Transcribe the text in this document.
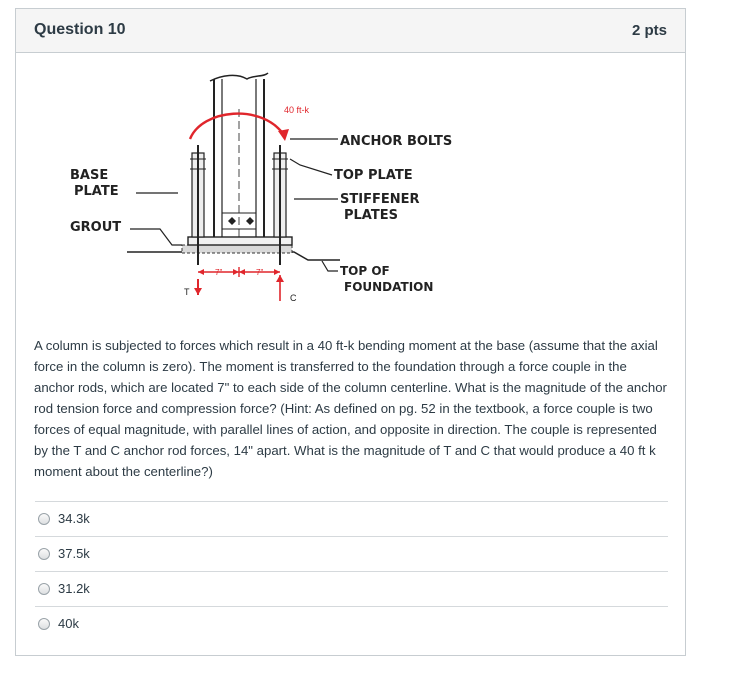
Question 10	2 pts
40 ft-k
7"	7"
T
C
BASE
PLATE
GROUT
ANCHOR BOLTS
TOP PLATE
STIFFENER
PLATES
TOP OF
FOUNDATION

A column is subjected to forces which result in a 40 ft-k bending moment at the base (assume that the axial force in the column is zero). The moment is transferred to the foundation through a force couple in the anchor rods, which are located 7" to each side of the column centerline. What is the magnitude of the anchor rod tension force and compression force? (Hint: As defined on pg. 52 in the textbook, a force couple is two forces of equal magnitude, with parallel lines of action, and opposite in direction. The couple is represented by the T and C anchor rod forces, 14" apart. What is the magnitude of T and C that would produce a 40 ft k moment about the centerline?)

34.3k
37.5k
31.2k
40k
